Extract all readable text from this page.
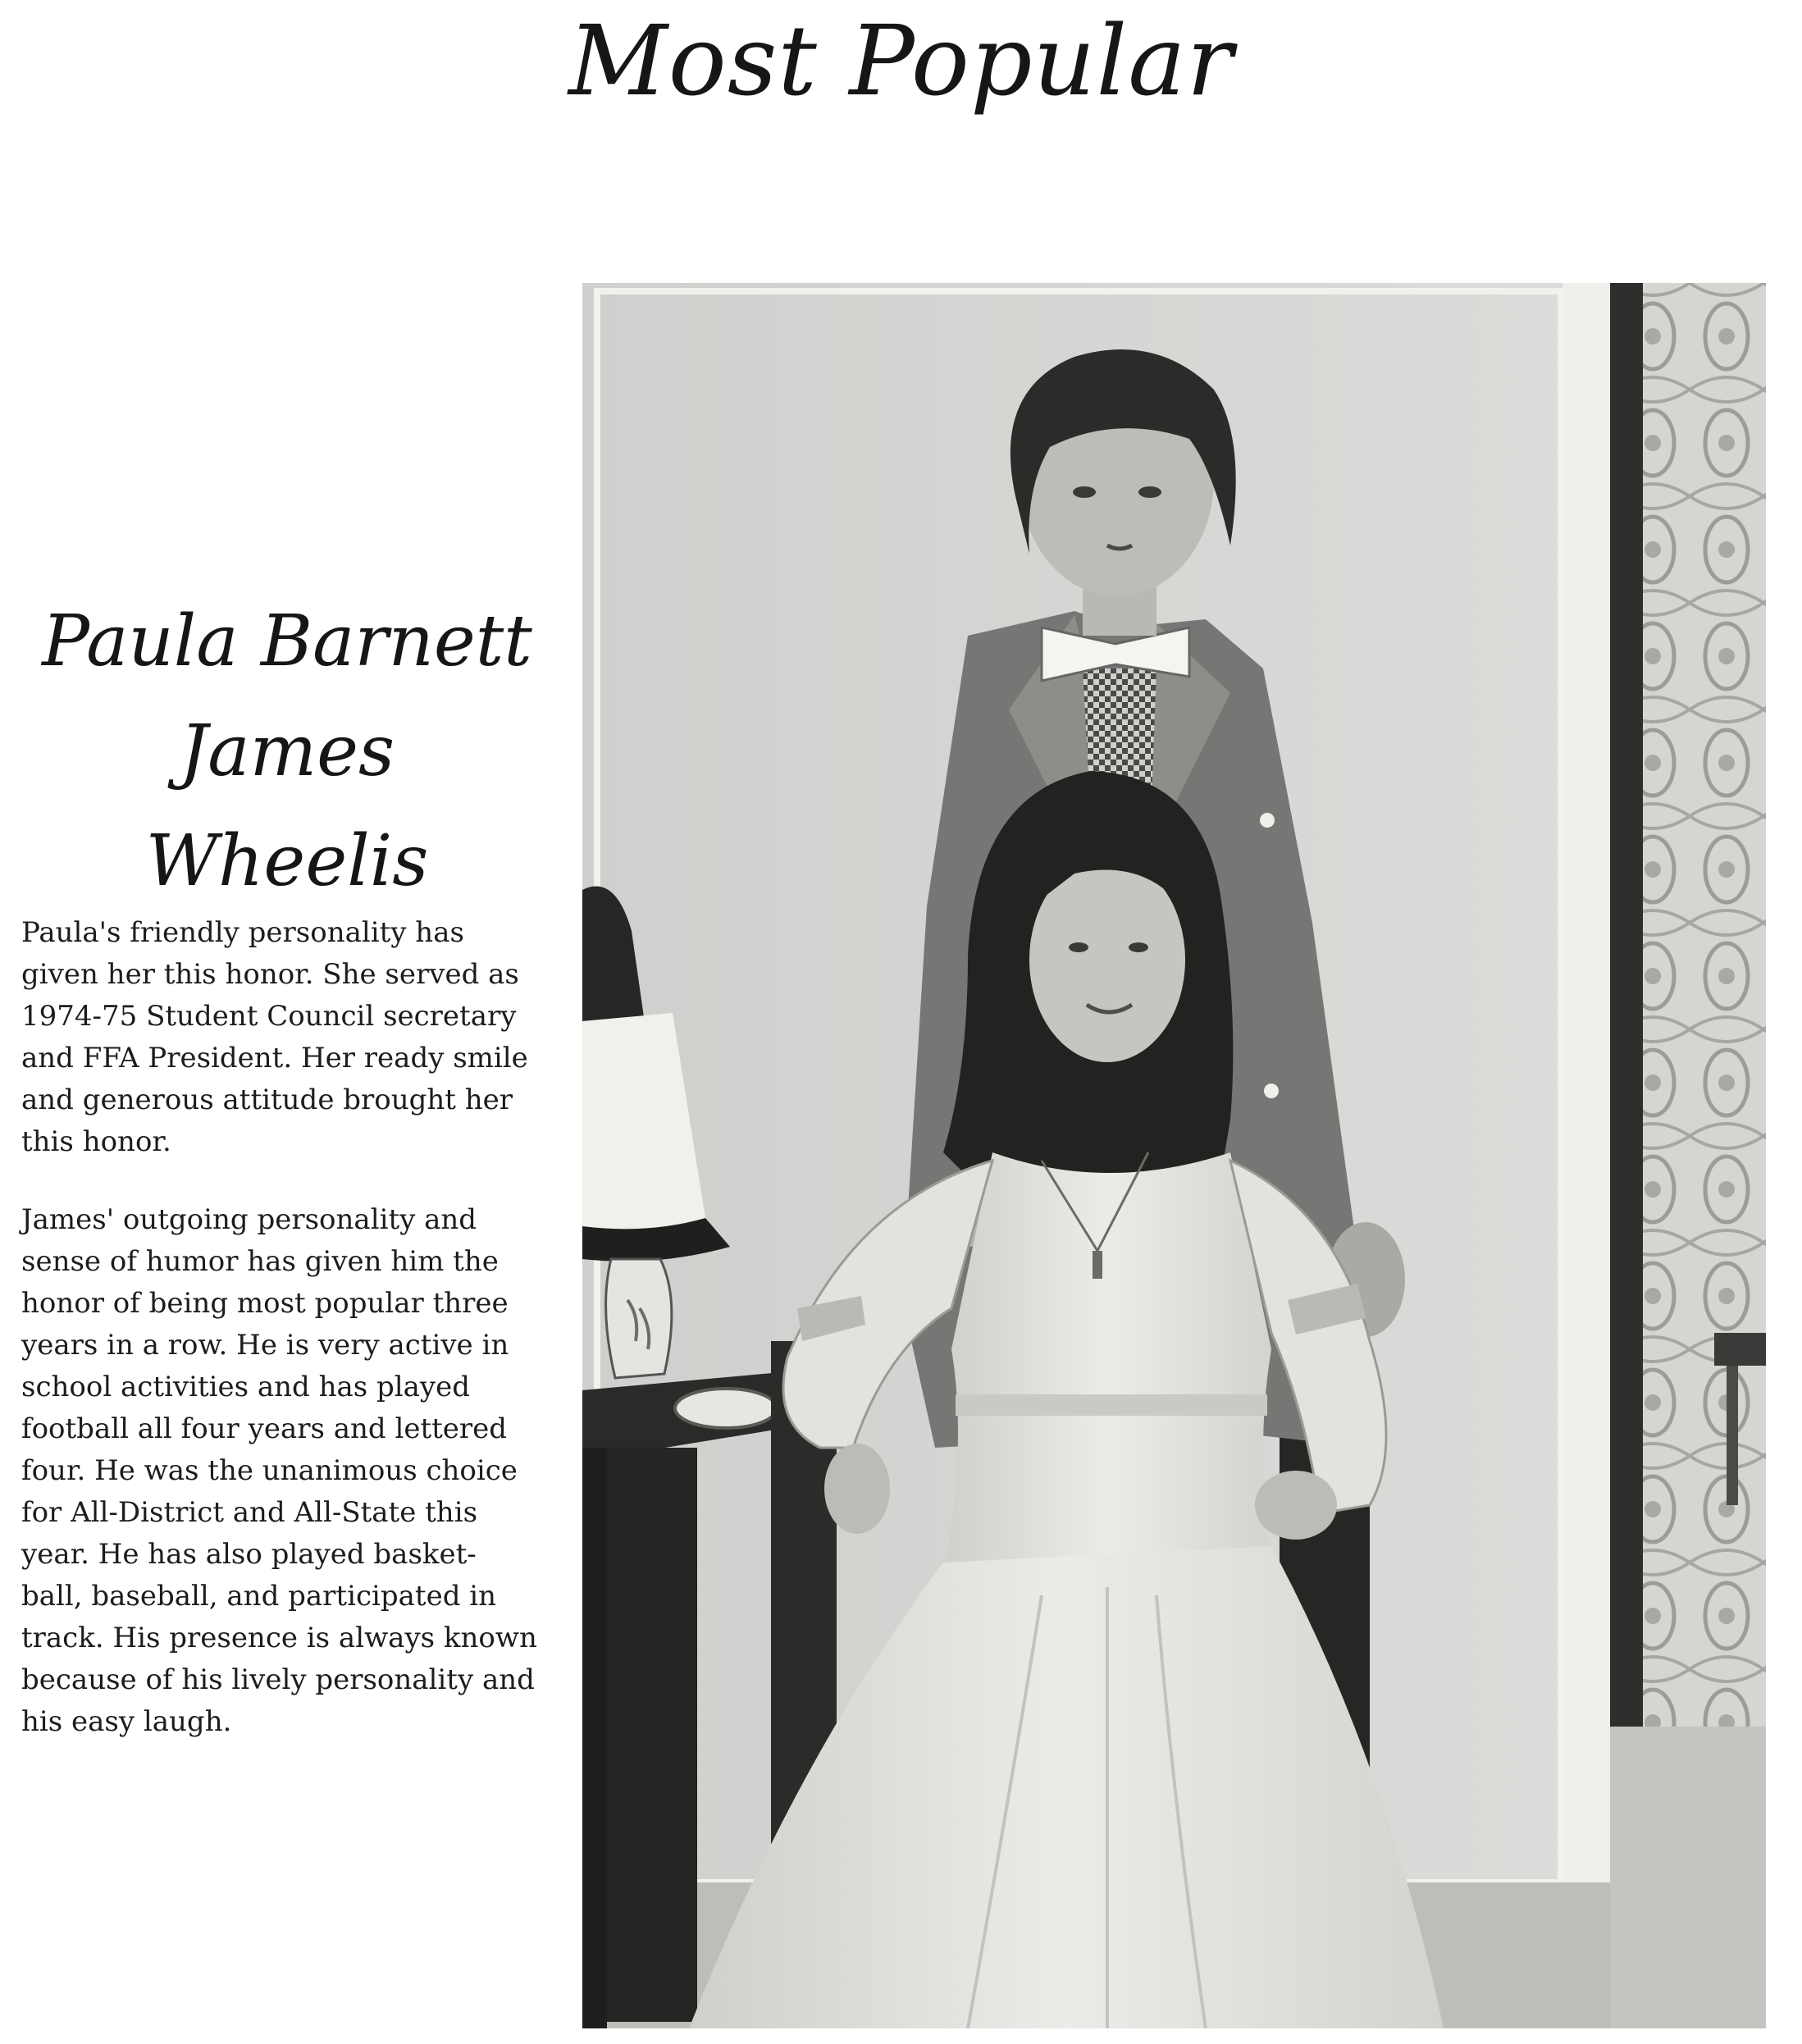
Most Popular
Paula Barnett
James
Wheelis
Paula's friendly personality has
given her this honor. She served as
1974-75 Student Council secretary
and FFA President. Her ready smile
and generous attitude brought her
this honor.
James' outgoing personality and
sense of humor has given him the
honor of being most popular three
years in a row. He is very active in
school activities and has played
football all four years and lettered
four. He was the unanimous choice
for All-District and All-State this
year. He has also played basket-
ball, baseball, and participated in
track. His presence is always known
because of his lively personality and
his easy laugh.
